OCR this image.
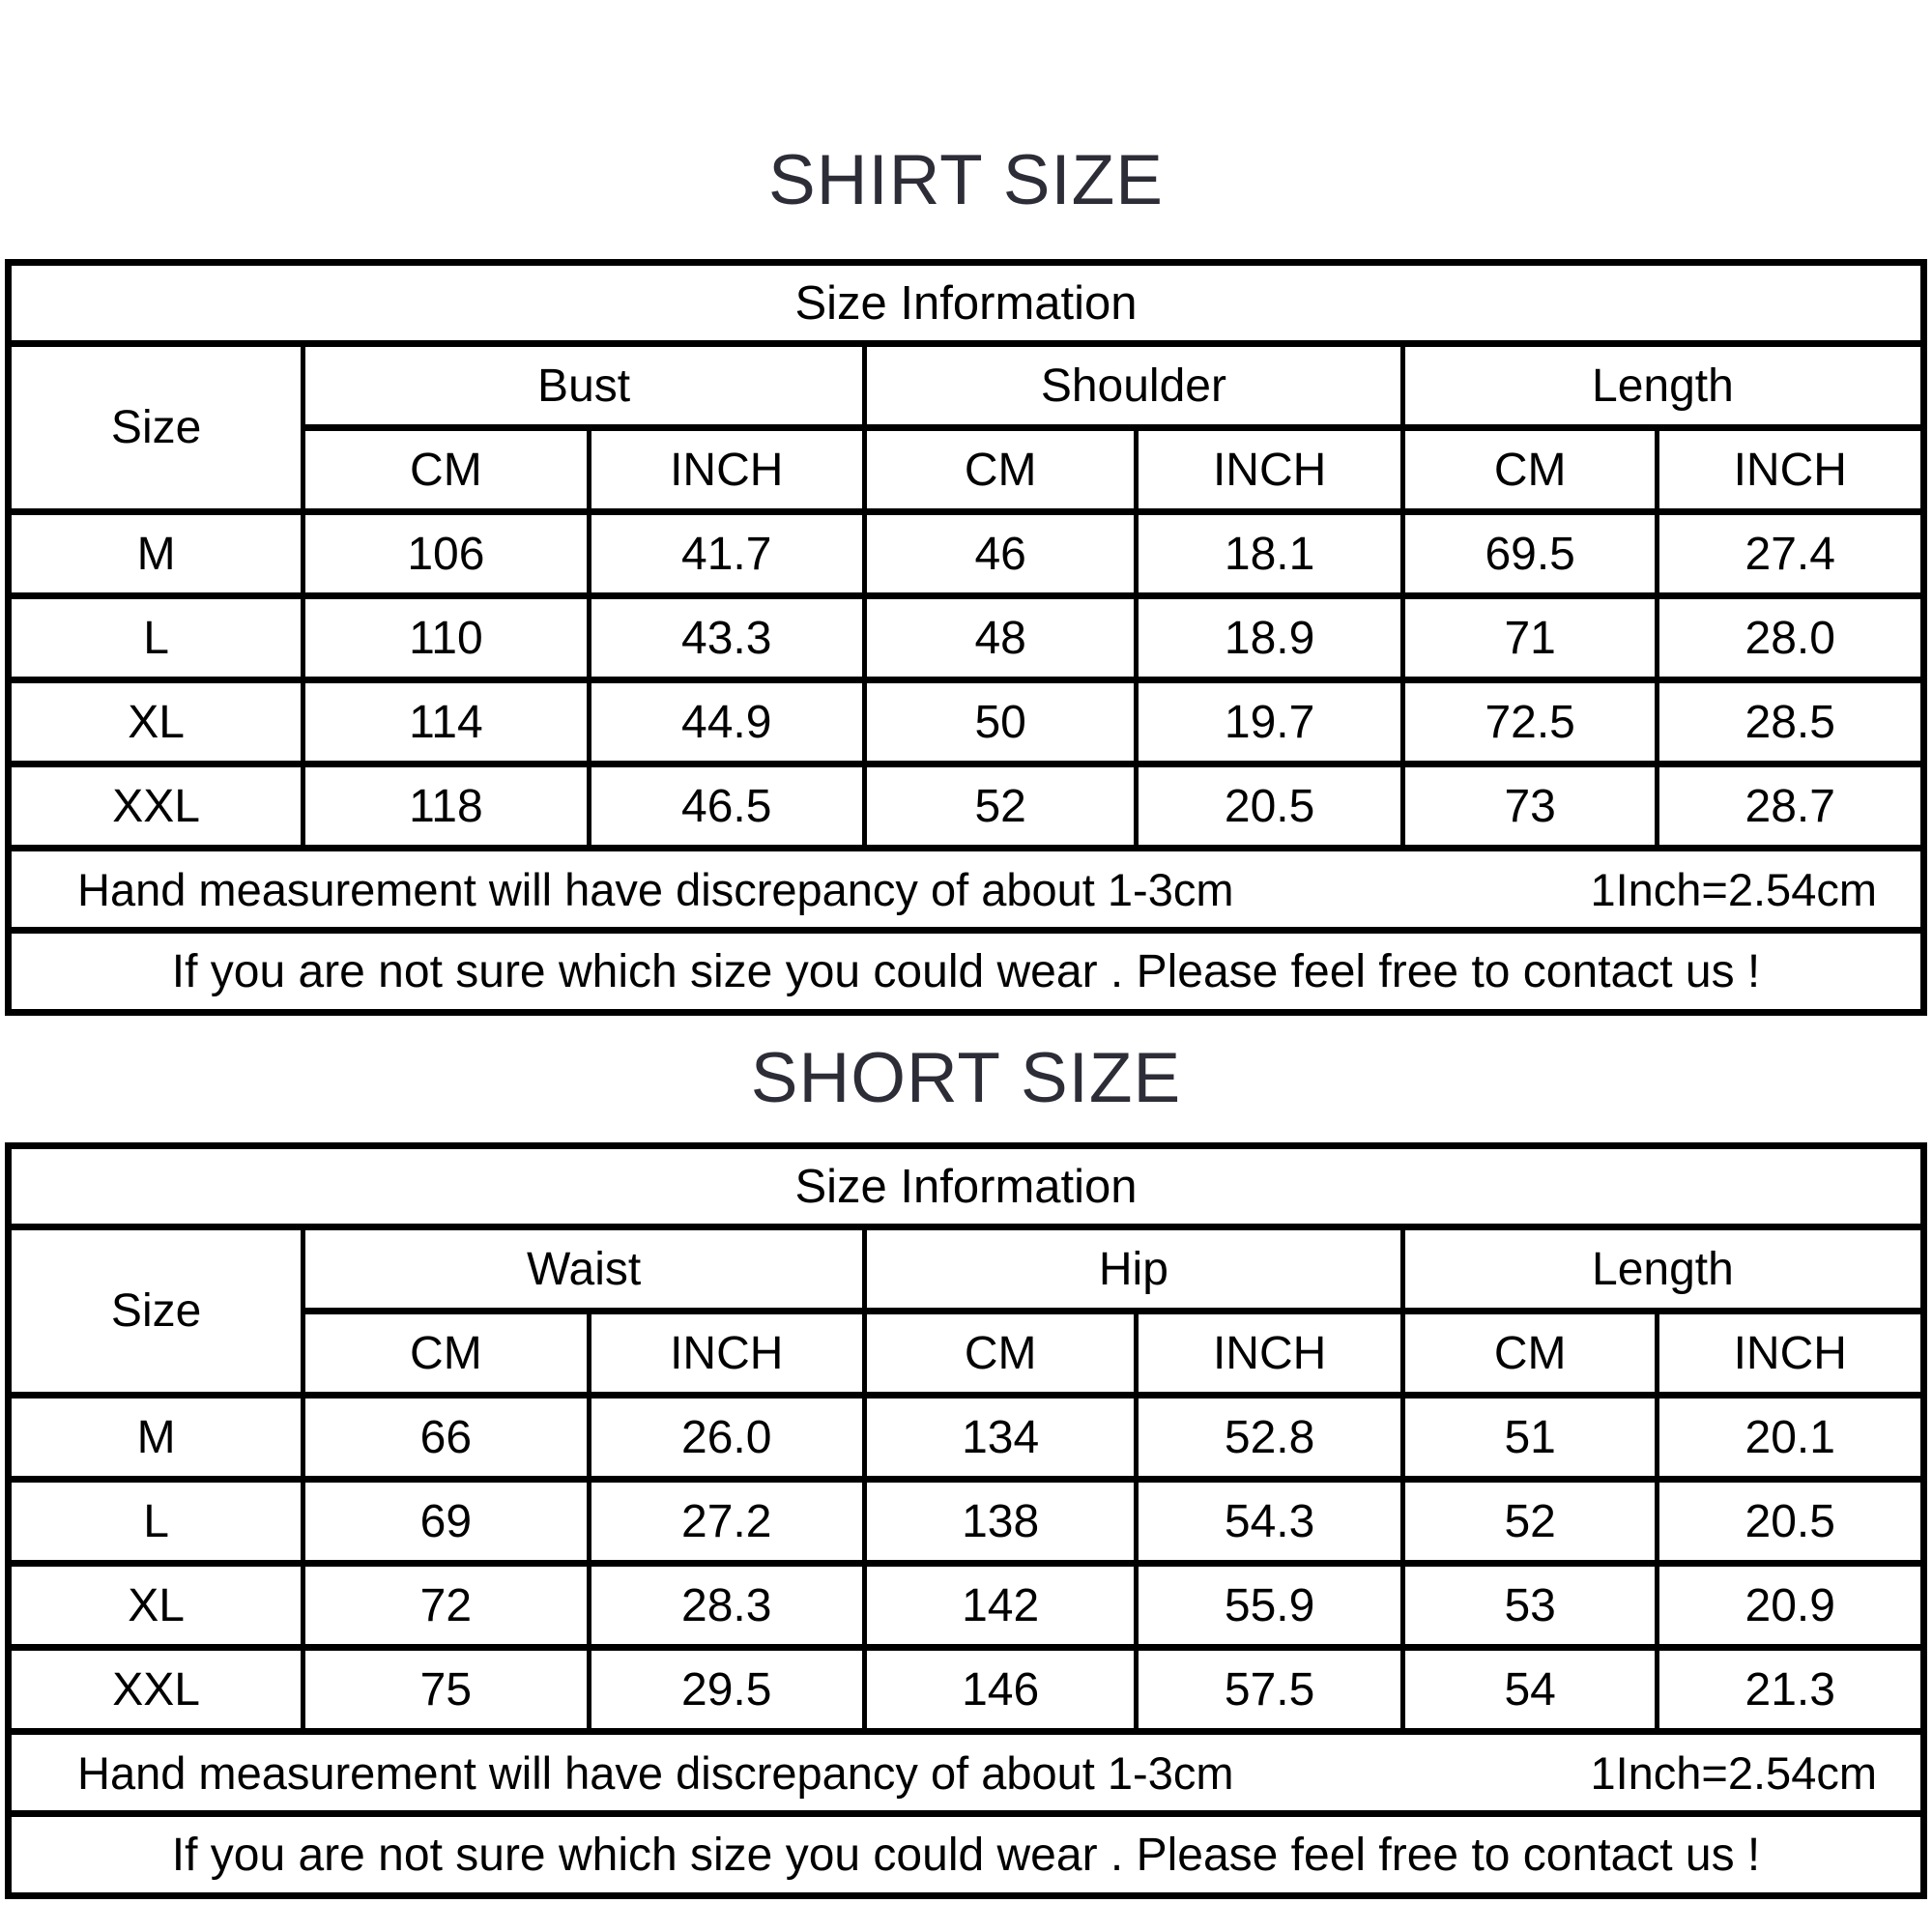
SHIRT SIZE
Size Information						
Size	Bust		Shoulder		Length	
	CM	INCH	CM	INCH	CM	INCH
M	106	41.7	46	18.1	69.5	27.4
L	110	43.3	48	18.9	71	28.0
XL	114	44.9	50	19.7	72.5	28.5
XXL	118	46.5	52	20.5	73	28.7

Hand measurement will have discrepancy of about 1-3cm 1Inch=2.54cm						

If you are not sure which size you could wear . Please feel free to contact us !						
SHORT SIZE
Size Information						
Size	Waist		Hip		Length	
	CM	INCH	CM	INCH	CM	INCH
M	66	26.0	134	52.8	51	20.1
L	69	27.2	138	54.3	52	20.5
XL	72	28.3	142	55.9	53	20.9
XXL	75	29.5	146	57.5	54	21.3

Hand measurement will have discrepancy of about 1-3cm 1Inch=2.54cm						

If you are not sure which size you could wear . Please feel free to contact us !						
